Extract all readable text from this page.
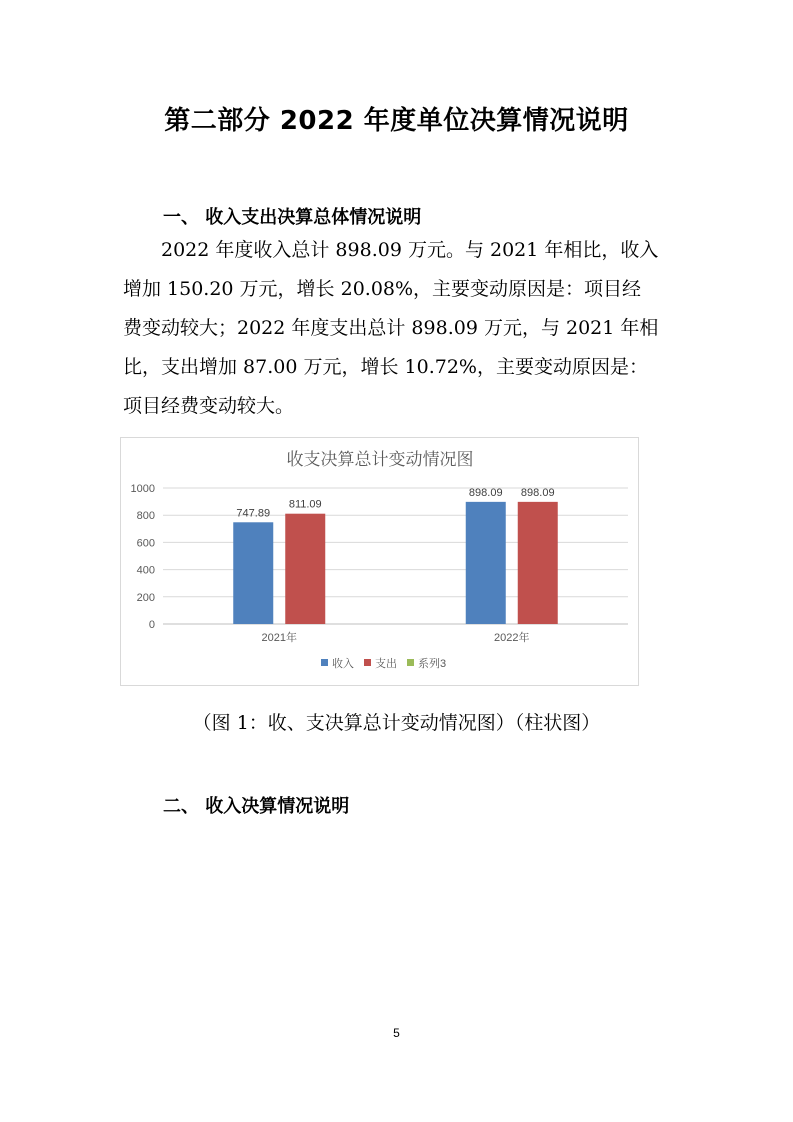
第二部分 2022 年度单位决算情况说明
一、 收入支出决算总体情况说明
2022 年度收入总计 898.09 万元。与 2021 年相比，收入
增加 150.20 万元，增长 20.08%，主要变动原因是：项目经
费变动较大；2022 年度支出总计 898.09 万元，与 2021 年相
比，支出增加 87.00 万元，增长 10.72%，主要变动原因是：
项目经费变动较大。
收支决算总计变动情况图
0
200
400
600
800
1000
747.89
811.09
2021年
898.09 898.09
2022年
收入 支出 系列3
（图 1：收、支决算总计变动情况图）（柱状图）
二、 收入决算情况说明
5
